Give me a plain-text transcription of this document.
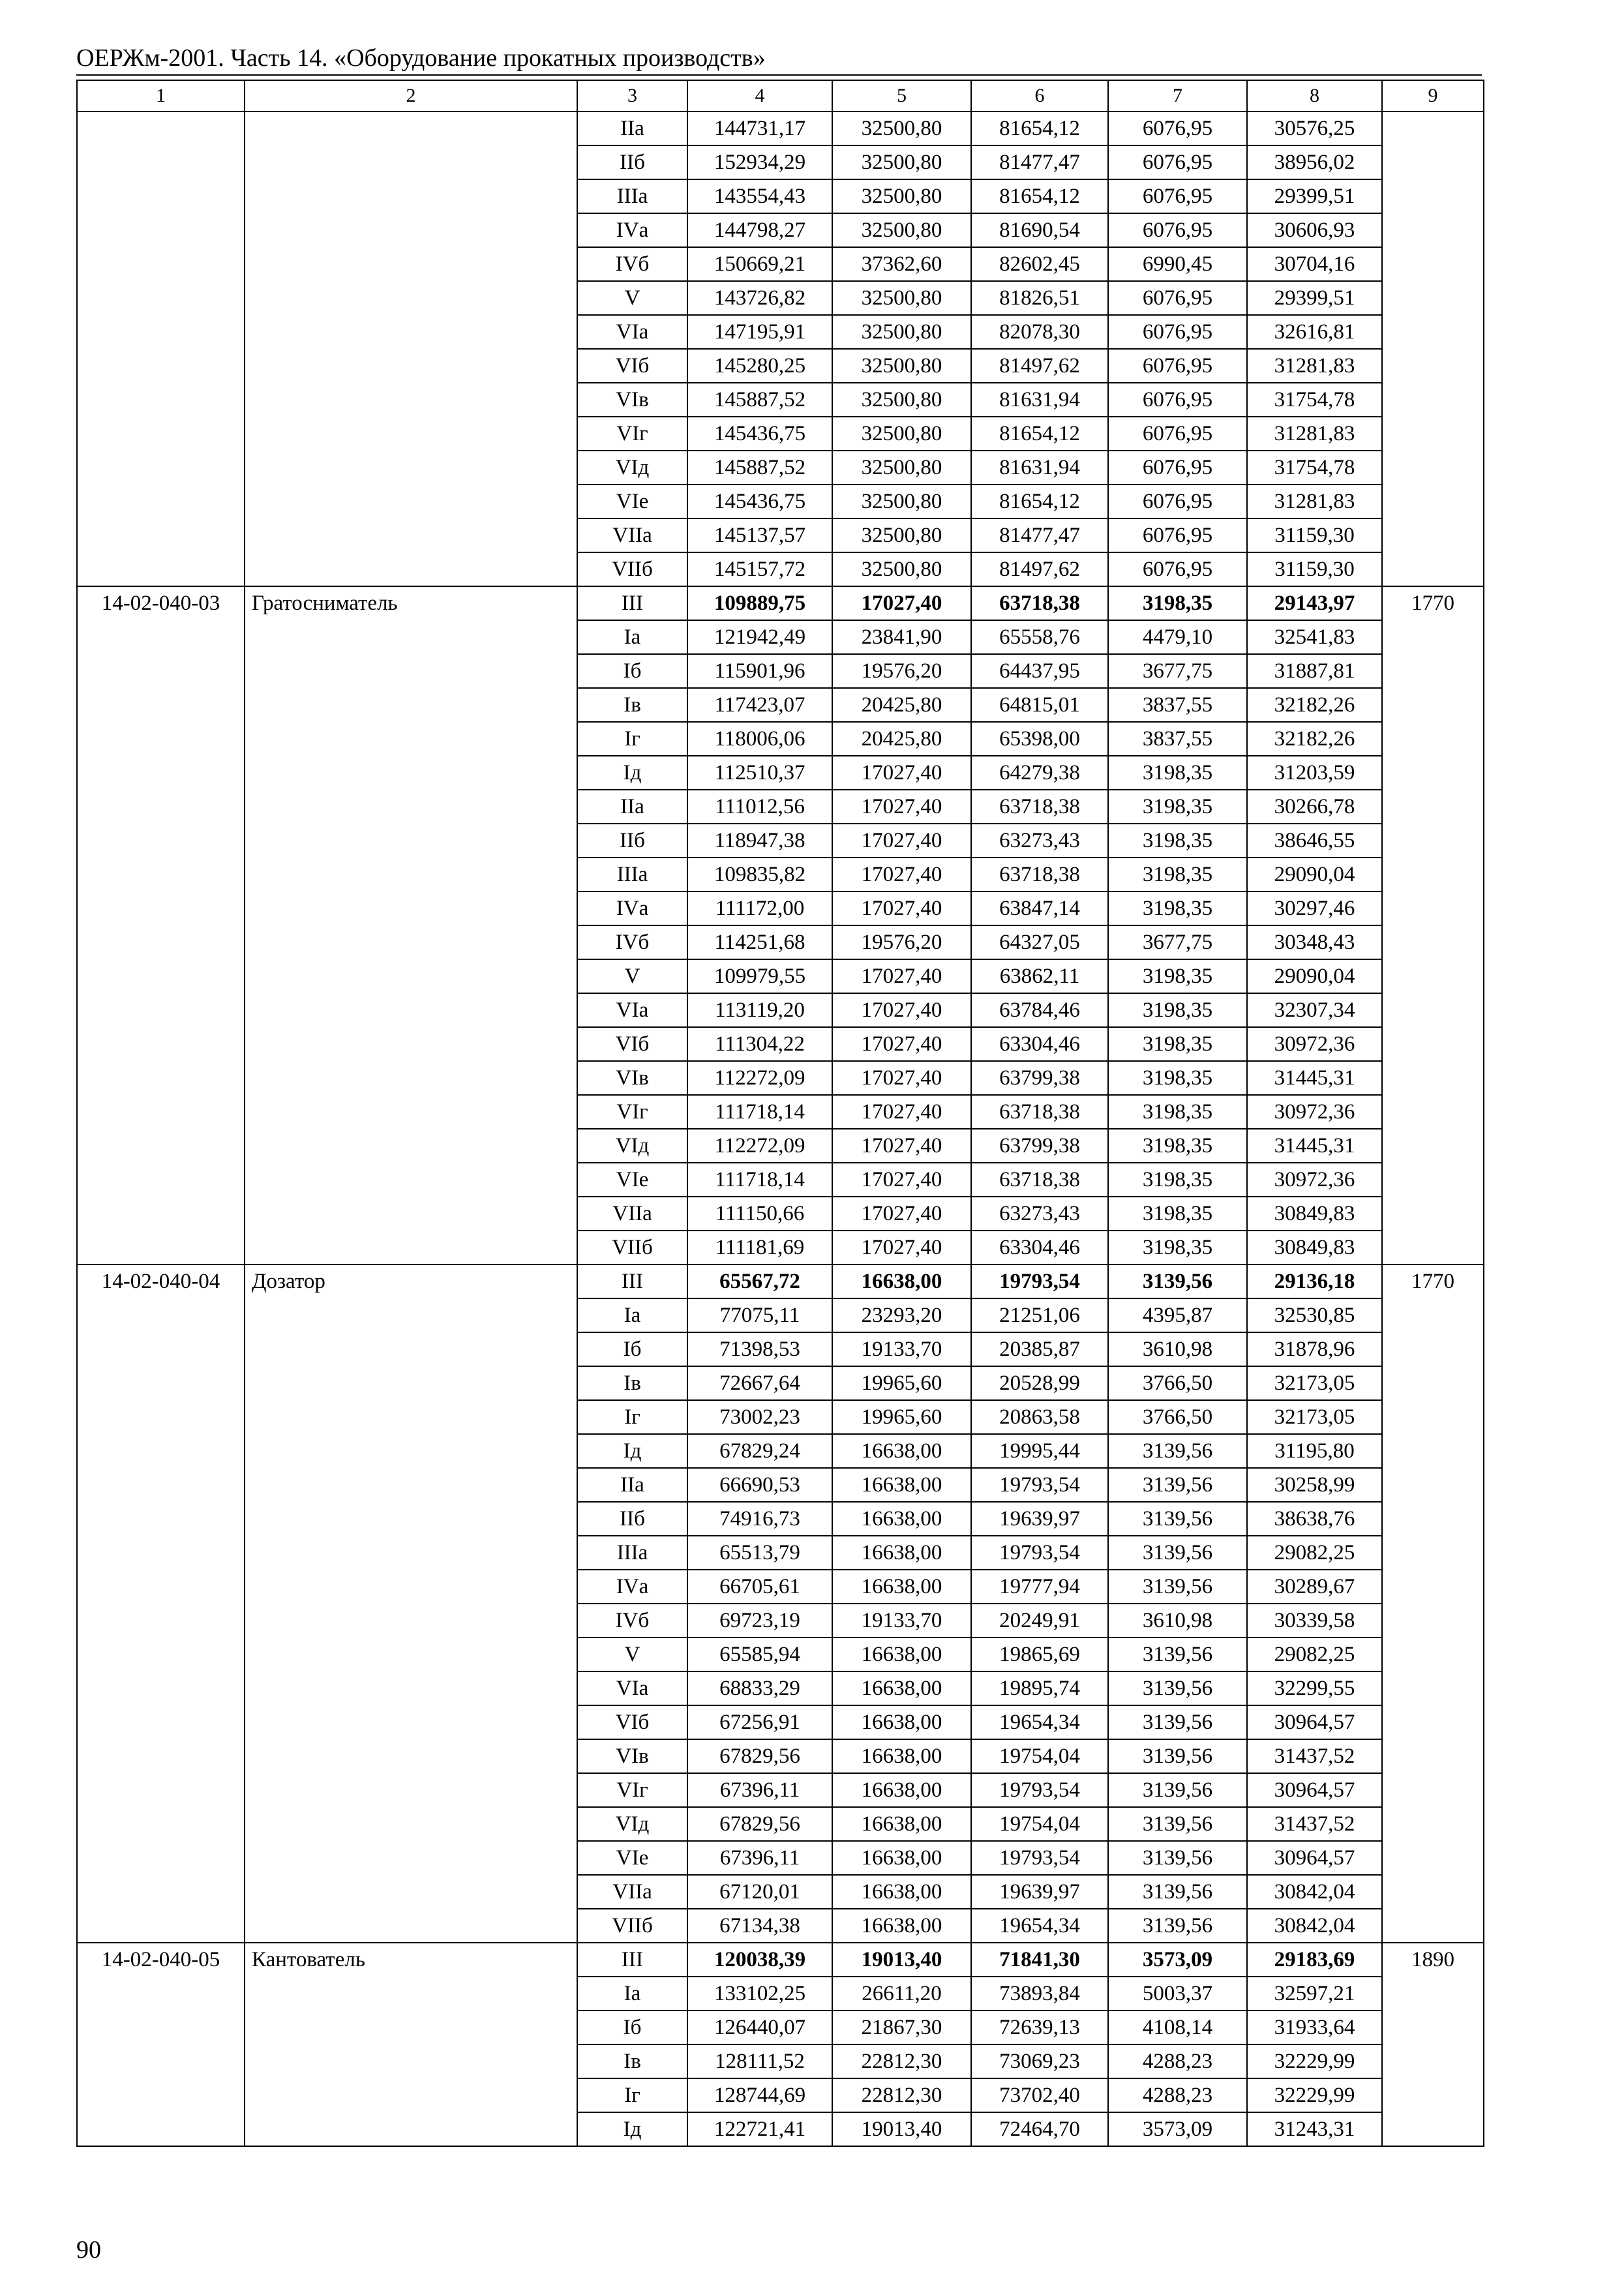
ОЕРЖм-2001. Часть 14. «Оборудование прокатных производств»
1	2	3	4	5	6	7	8	9
		IIа	144731,17	32500,80	81654,12	6076,95	30576,25	
		IIб	152934,29	32500,80	81477,47	6076,95	38956,02	
		IIIа	143554,43	32500,80	81654,12	6076,95	29399,51	
		IVа	144798,27	32500,80	81690,54	6076,95	30606,93	
		IVб	150669,21	37362,60	82602,45	6990,45	30704,16	
		V	143726,82	32500,80	81826,51	6076,95	29399,51	
		VIа	147195,91	32500,80	82078,30	6076,95	32616,81	
		VIб	145280,25	32500,80	81497,62	6076,95	31281,83	
		VIв	145887,52	32500,80	81631,94	6076,95	31754,78	
		VIг	145436,75	32500,80	81654,12	6076,95	31281,83	
		VIд	145887,52	32500,80	81631,94	6076,95	31754,78	
		VIе	145436,75	32500,80	81654,12	6076,95	31281,83	
		VIIа	145137,57	32500,80	81477,47	6076,95	31159,30	
		VIIб	145157,72	32500,80	81497,62	6076,95	31159,30	
14-02-040-03	Гратосниматель	III	109889,75	17027,40	63718,38	3198,35	29143,97	1770
		Iа	121942,49	23841,90	65558,76	4479,10	32541,83	
		Iб	115901,96	19576,20	64437,95	3677,75	31887,81	
		Iв	117423,07	20425,80	64815,01	3837,55	32182,26	
		Iг	118006,06	20425,80	65398,00	3837,55	32182,26	
		Iд	112510,37	17027,40	64279,38	3198,35	31203,59	
		IIа	111012,56	17027,40	63718,38	3198,35	30266,78	
		IIб	118947,38	17027,40	63273,43	3198,35	38646,55	
		IIIа	109835,82	17027,40	63718,38	3198,35	29090,04	
		IVа	111172,00	17027,40	63847,14	3198,35	30297,46	
		IVб	114251,68	19576,20	64327,05	3677,75	30348,43	
		V	109979,55	17027,40	63862,11	3198,35	29090,04	
		VIа	113119,20	17027,40	63784,46	3198,35	32307,34	
		VIб	111304,22	17027,40	63304,46	3198,35	30972,36	
		VIв	112272,09	17027,40	63799,38	3198,35	31445,31	
		VIг	111718,14	17027,40	63718,38	3198,35	30972,36	
		VIд	112272,09	17027,40	63799,38	3198,35	31445,31	
		VIе	111718,14	17027,40	63718,38	3198,35	30972,36	
		VIIа	111150,66	17027,40	63273,43	3198,35	30849,83	
		VIIб	111181,69	17027,40	63304,46	3198,35	30849,83	
14-02-040-04	Дозатор	III	65567,72	16638,00	19793,54	3139,56	29136,18	1770
		Iа	77075,11	23293,20	21251,06	4395,87	32530,85	
		Iб	71398,53	19133,70	20385,87	3610,98	31878,96	
		Iв	72667,64	19965,60	20528,99	3766,50	32173,05	
		Iг	73002,23	19965,60	20863,58	3766,50	32173,05	
		Iд	67829,24	16638,00	19995,44	3139,56	31195,80	
		IIа	66690,53	16638,00	19793,54	3139,56	30258,99	
		IIб	74916,73	16638,00	19639,97	3139,56	38638,76	
		IIIа	65513,79	16638,00	19793,54	3139,56	29082,25	
		IVа	66705,61	16638,00	19777,94	3139,56	30289,67	
		IVб	69723,19	19133,70	20249,91	3610,98	30339,58	
		V	65585,94	16638,00	19865,69	3139,56	29082,25	
		VIа	68833,29	16638,00	19895,74	3139,56	32299,55	
		VIб	67256,91	16638,00	19654,34	3139,56	30964,57	
		VIв	67829,56	16638,00	19754,04	3139,56	31437,52	
		VIг	67396,11	16638,00	19793,54	3139,56	30964,57	
		VIд	67829,56	16638,00	19754,04	3139,56	31437,52	
		VIе	67396,11	16638,00	19793,54	3139,56	30964,57	
		VIIа	67120,01	16638,00	19639,97	3139,56	30842,04	
		VIIб	67134,38	16638,00	19654,34	3139,56	30842,04	
14-02-040-05	Кантователь	III	120038,39	19013,40	71841,30	3573,09	29183,69	1890
		Iа	133102,25	26611,20	73893,84	5003,37	32597,21	
		Iб	126440,07	21867,30	72639,13	4108,14	31933,64	
		Iв	128111,52	22812,30	73069,23	4288,23	32229,99	
		Iг	128744,69	22812,30	73702,40	4288,23	32229,99	
		Iд	122721,41	19013,40	72464,70	3573,09	31243,31	
90
